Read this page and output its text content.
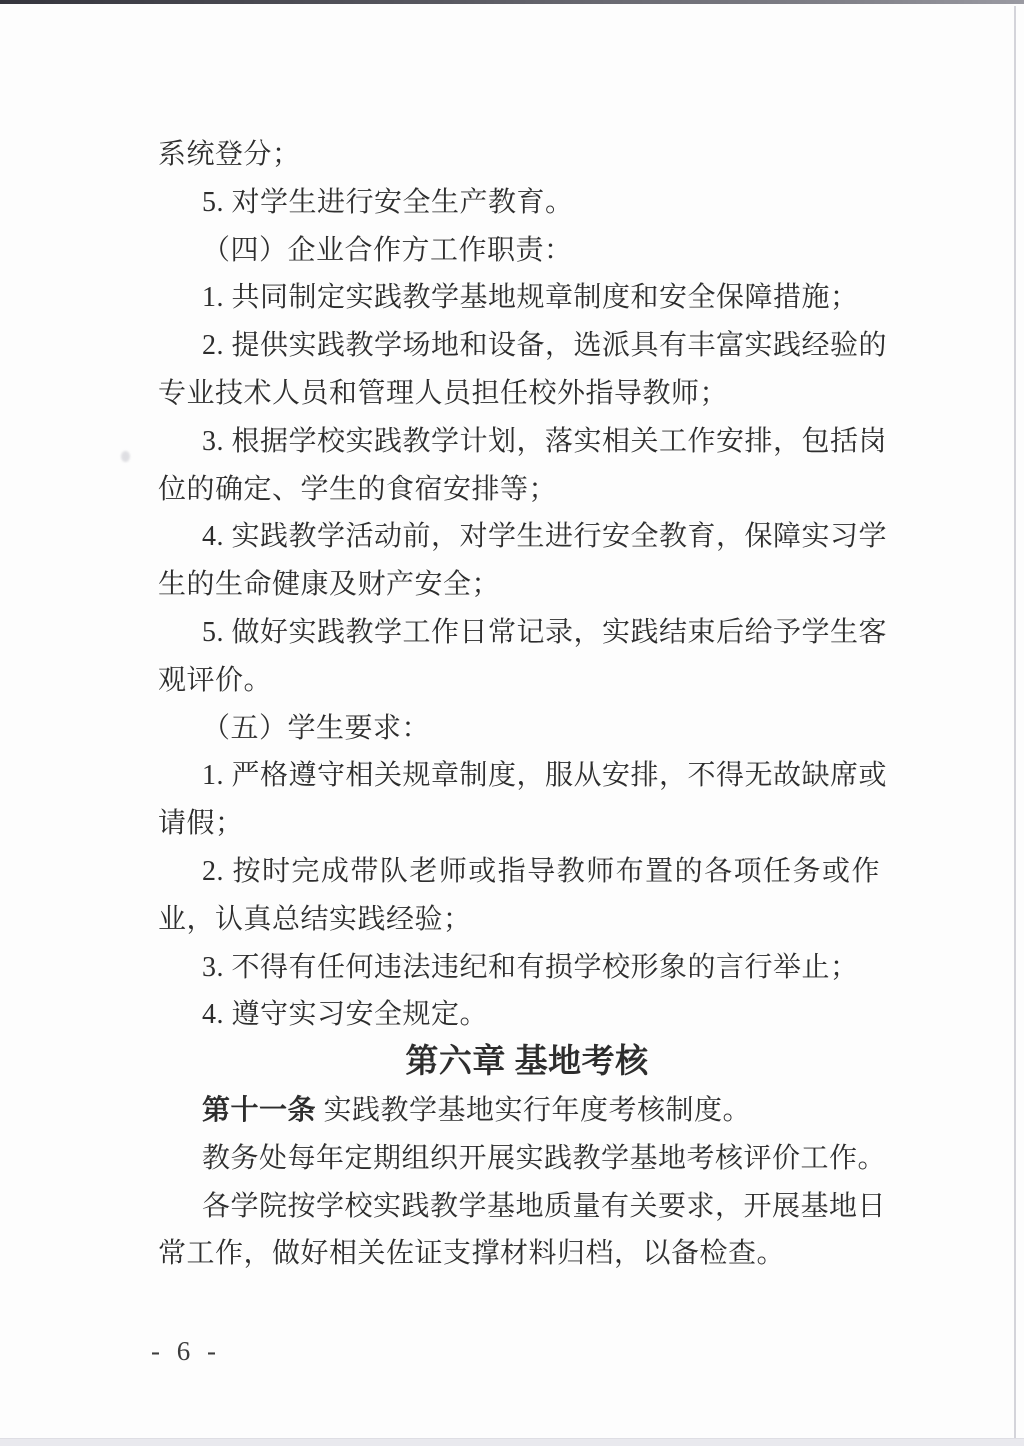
系统登分；
5. 对学生进行安全生产教育。
（四）企业合作方工作职责：
1. 共同制定实践教学基地规章制度和安全保障措施；
2. 提供实践教学场地和设备，选派具有丰富实践经验的
专业技术人员和管理人员担任校外指导教师；
3. 根据学校实践教学计划，落实相关工作安排，包括岗
位的确定、学生的食宿安排等；
4. 实践教学活动前，对学生进行安全教育，保障实习学
生的生命健康及财产安全；
5. 做好实践教学工作日常记录，实践结束后给予学生客
观评价。
（五）学生要求：
1. 严格遵守相关规章制度，服从安排，不得无故缺席或
请假；
2. 按时完成带队老师或指导教师布置的各项任务或作
业，认真总结实践经验；
3. 不得有任何违法违纪和有损学校形象的言行举止；
4. 遵守实习安全规定。
第六章 基地考核
第十一条 实践教学基地实行年度考核制度。
教务处每年定期组织开展实践教学基地考核评价工作。
各学院按学校实践教学基地质量有关要求，开展基地日
常工作，做好相关佐证支撑材料归档，以备检查。
- 6 -
